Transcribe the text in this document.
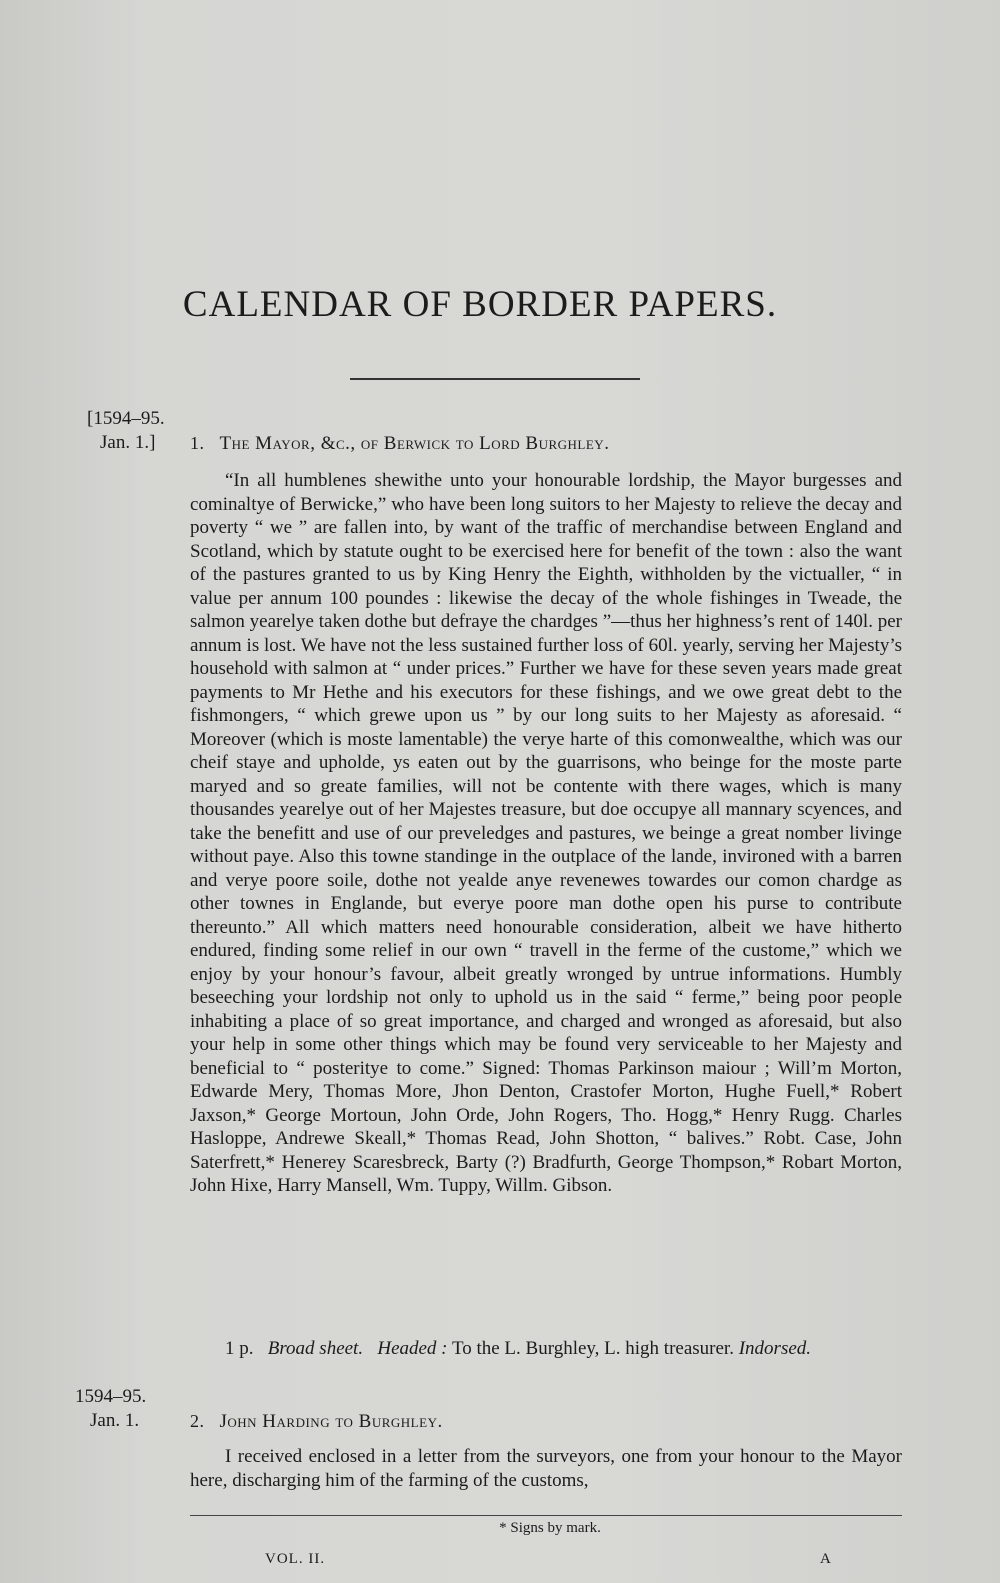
CALENDAR OF BORDER PAPERS.
[1594–95.
Jan. 1.] 1. The Mayor, &c., of Berwick to Lord Burghley.

“In all humblenes shewithe unto your honourable lordship, the Mayor burgesses and cominaltye of Berwicke,” who have been long suitors to her Majesty to relieve the decay and poverty “ we ” are fallen into, by want of the traffic of merchandise between England and Scotland, which by statute ought to be exercised here for benefit of the town : also the want of the pastures granted to us by King Henry the Eighth, withholden by the victualler, “ in value per annum 100 poundes : likewise the decay of the whole fishinges in Tweade, the salmon yearelye taken dothe but defraye the chardges ”—thus her highness’s rent of 140l. per annum is lost. We have not the less sustained further loss of 60l. yearly, serving her Majesty’s household with salmon at “ under prices.” Further we have for these seven years made great payments to Mr Hethe and his executors for these fishings, and we owe great debt to the fishmongers, “ which grewe upon us ” by our long suits to her Majesty as aforesaid. “ Moreover (which is moste lamentable) the verye harte of this comonwealthe, which was our cheif staye and upholde, ys eaten out by the guarrisons, who beinge for the moste parte maryed and so greate families, will not be contente with there wages, which is many thousandes yearelye out of her Majestes treasure, but doe occupye all mannary scyences, and take the benefitt and use of our preveledges and pastures, we beinge a great nomber livinge without paye. Also this towne standinge in the outplace of the lande, invironed with a barren and verye poore soile, dothe not yealde anye revenewes towardes our comon chardge as other townes in Englande, but everye poore man dothe open his purse to contribute thereunto.” All which matters need honourable consideration, albeit we have hitherto endured, finding some relief in our own “ travell in the ferme of the custome,” which we enjoy by your honour’s favour, albeit greatly wronged by untrue informations. Humbly beseeching your lordship not only to uphold us in the said “ ferme,” being poor people inhabiting a place of so great importance, and charged and wronged as aforesaid, but also your help in some other things which may be found very serviceable to her Majesty and beneficial to “ posteritye to come.” Signed: Thomas Parkinson maiour ; Will’m Morton, Edwarde Mery, Thomas More, Jhon Denton, Crastofer Morton, Hughe Fuell,* Robert Jaxson,* George Mortoun, John Orde, John Rogers, Tho. Hogg,* Henry Rugg. Charles Hasloppe, Andrewe Skeall,* Thomas Read, John Shotton, “ balives.” Robt. Case, John Saterfrett,* Henerey Scaresbreck, Barty (?) Bradfurth, George Thompson,* Robart Morton, John Hixe, Harry Mansell, Wm. Tuppy, Willm. Gibson.

1 p. Broad sheet. Headed : To the L. Burghley, L. high treasurer. Indorsed.

1594–95.
Jan. 1.	2. John Harding to Burghley.

I received enclosed in a letter from the surveyors, one from your honour to the Mayor here, discharging him of the farming of the customs,

* Signs by mark.
VOL. II.	A
